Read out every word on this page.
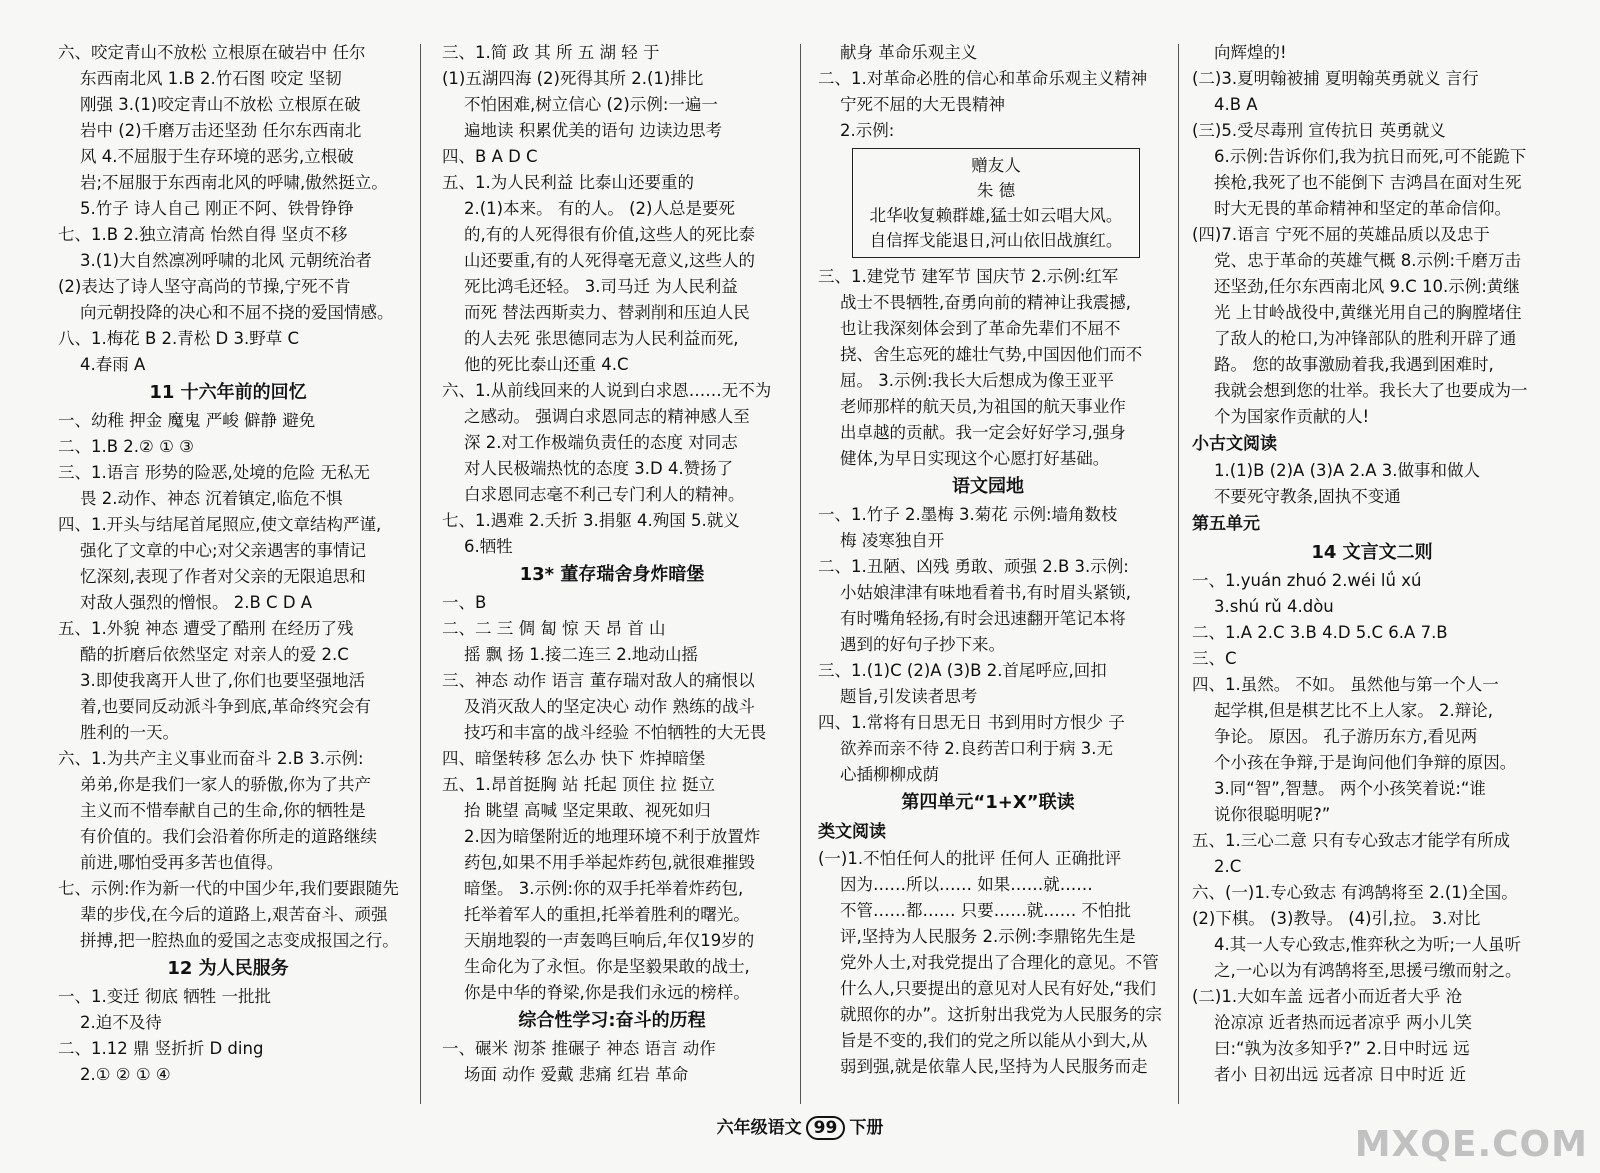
六、咬定青山不放松 立根原在破岩中 任尔
东西南北风 1.B 2.竹石图 咬定 坚韧
刚强 3.(1)咬定青山不放松 立根原在破
岩中 (2)千磨万击还坚劲 任尔东西南北
风 4.不屈服于生存环境的恶劣,立根破
岩;不屈服于东西南北风的呼啸,傲然挺立。
5.竹子 诗人自己 刚正不阿、铁骨铮铮
七、1.B 2.独立清高 怡然自得 坚贞不移
3.(1)大自然凛冽呼啸的北风 元朝统治者
(2)表达了诗人坚守高尚的节操,宁死不肯
向元朝投降的决心和不屈不挠的爱国情感。
八、1.梅花 B 2.青松 D 3.野草 C
4.春雨 A
11 十六年前的回忆
一、幼稚 押金 魔鬼 严峻 僻静 避免
二、1.B 2.② ① ③
三、1.语言 形势的险恶,处境的危险 无私无
畏 2.动作、神态 沉着镇定,临危不惧
四、1.开头与结尾首尾照应,使文章结构严谨,
强化了文章的中心;对父亲遇害的事情记
忆深刻,表现了作者对父亲的无限追思和
对敌人强烈的憎恨。 2.B C D A
五、1.外貌 神态 遭受了酷刑 在经历了残
酷的折磨后依然坚定 对亲人的爱 2.C
3.即使我离开人世了,你们也要坚强地活
着,也要同反动派斗争到底,革命终究会有
胜利的一天。
六、1.为共产主义事业而奋斗 2.B 3.示例:
弟弟,你是我们一家人的骄傲,你为了共产
主义而不惜奉献自己的生命,你的牺牲是
有价值的。我们会沿着你所走的道路继续
前进,哪怕受再多苦也值得。
七、示例:作为新一代的中国少年,我们要跟随先
辈的步伐,在今后的道路上,艰苦奋斗、顽强
拼搏,把一腔热血的爱国之志变成报国之行。
12 为人民服务
一、1.变迁 彻底 牺牲 一批批
2.迫不及待
二、1.12 鼎 竖折折 D ding
2.① ② ① ④
三、1.简 政 其 所 五 湖 轻 于
(1)五湖四海 (2)死得其所 2.(1)排比
不怕困难,树立信心 (2)示例:一遍一
遍地读 积累优美的语句 边读边思考
四、B A D C
五、1.为人民利益 比泰山还要重的
2.(1)本来。 有的人。 (2)人总是要死
的,有的人死得很有价值,这些人的死比泰
山还要重,有的人死得毫无意义,这些人的
死比鸿毛还轻。 3.司马迁 为人民利益
而死 替法西斯卖力、替剥削和压迫人民
的人去死 张思德同志为人民利益而死,
他的死比泰山还重 4.C
六、1.从前线回来的人说到白求恩……无不为
之感动。 强调白求恩同志的精神感人至
深 2.对工作极端负责任的态度 对同志
对人民极端热忱的态度 3.D 4.赞扬了
白求恩同志毫不利己专门利人的精神。
七、1.遇难 2.夭折 3.捐躯 4.殉国 5.就义
6.牺牲
13* 董存瑞舍身炸暗堡
一、B
二、二 三 倜 匐 惊 天 昂 首 山
摇 飘 扬 1.接二连三 2.地动山摇
三、神态 动作 语言 董存瑞对敌人的痛恨以
及消灭敌人的坚定决心 动作 熟练的战斗
技巧和丰富的战斗经验 不怕牺牲的大无畏
四、暗堡转移 怎么办 快下 炸掉暗堡
五、1.昂首挺胸 站 托起 顶住 拉 挺立
抬 眺望 高喊 坚定果敢、视死如归
2.因为暗堡附近的地理环境不利于放置炸
药包,如果不用手举起炸药包,就很难摧毁
暗堡。 3.示例:你的双手托举着炸药包,
托举着军人的重担,托举着胜利的曙光。
天崩地裂的一声轰鸣巨响后,年仅19岁的
生命化为了永恒。你是坚毅果敢的战士,
你是中华的脊梁,你是我们永远的榜样。
综合性学习:奋斗的历程
一、碾米 沏茶 推碾子 神态 语言 动作
场面 动作 爱戴 悲痛 红岩 革命
献身 革命乐观主义
二、1.对革命必胜的信心和革命乐观主义精神
宁死不屈的大无畏精神
2.示例:
赠友人
朱 德
北华收复赖群雄,猛士如云唱大风。
自信挥戈能退日,河山依旧战旗红。
三、1.建党节 建军节 国庆节 2.示例:红军
战士不畏牺牲,奋勇向前的精神让我震撼,
也让我深刻体会到了革命先辈们不屈不
挠、舍生忘死的雄壮气势,中国因他们而不
屈。 3.示例:我长大后想成为像王亚平
老师那样的航天员,为祖国的航天事业作
出卓越的贡献。我一定会好好学习,强身
健体,为早日实现这个心愿打好基础。
语文园地
一、1.竹子 2.墨梅 3.菊花 示例:墙角数枝
梅 凌寒独自开
二、1.丑陋、凶残 勇敢、顽强 2.B 3.示例:
小姑娘津津有味地看着书,有时眉头紧锁,
有时嘴角轻扬,有时会迅速翻开笔记本将
遇到的好句子抄下来。
三、1.(1)C (2)A (3)B 2.首尾呼应,回扣
题旨,引发读者思考
四、1.常将有日思无日 书到用时方恨少 子
欲养而亲不待 2.良药苦口利于病 3.无
心插柳柳成荫
第四单元“1+X”联读
类文阅读
(一)1.不怕任何人的批评 任何人 正确批评
因为……所以…… 如果……就……
不管……都…… 只要……就…… 不怕批
评,坚持为人民服务 2.示例:李鼎铭先生是
党外人士,对我党提出了合理化的意见。不管
什么人,只要提出的意见对人民有好处,“我们
就照你的办”。这折射出我党为人民服务的宗
旨是不变的,我们的党之所以能从小到大,从
弱到强,就是依靠人民,坚持为人民服务而走
向辉煌的!
(二)3.夏明翰被捕 夏明翰英勇就义 言行
4.B A
(三)5.受尽毒刑 宣传抗日 英勇就义
6.示例:告诉你们,我为抗日而死,可不能跪下
挨枪,我死了也不能倒下 吉鸿昌在面对生死
时大无畏的革命精神和坚定的革命信仰。
(四)7.语言 宁死不屈的英雄品质以及忠于
党、忠于革命的英雄气概 8.示例:千磨万击
还坚劲,任尔东西南北风 9.C 10.示例:黄继
光 上甘岭战役中,黄继光用自己的胸膛堵住
了敌人的枪口,为冲锋部队的胜利开辟了通
路。 您的故事激励着我,我遇到困难时,
我就会想到您的壮举。我长大了也要成为一
个为国家作贡献的人!
小古文阅读
1.(1)B (2)A (3)A 2.A 3.做事和做人
不要死守教条,固执不变通
第五单元
14 文言文二则
一、1.yuán zhuó 2.wéi lǘ xú
3.shú rǔ 4.dòu
二、1.A 2.C 3.B 4.D 5.C 6.A 7.B
三、C
四、1.虽然。 不如。 虽然他与第一个人一
起学棋,但是棋艺比不上人家。 2.辩论,
争论。 原因。 孔子游历东方,看见两
个小孩在争辩,于是询问他们争辩的原因。
3.同“智”,智慧。 两个小孩笑着说:“谁
说你很聪明呢?”
五、1.三心二意 只有专心致志才能学有所成
2.C
六、(一)1.专心致志 有鸿鹄将至 2.(1)全国。
(2)下棋。 (3)教导。 (4)引,拉。 3.对比
4.其一人专心致志,惟弈秋之为听;一人虽听
之,一心以为有鸿鹄将至,思援弓缴而射之。
(二)1.大如车盖 远者小而近者大乎 沧
沧凉凉 近者热而远者凉乎 两小儿笑
曰:“孰为汝多知乎?” 2.日中时远 远
者小 日初出远 远者凉 日中时近 近
六年级语文 99 下册	MXQE.COM
